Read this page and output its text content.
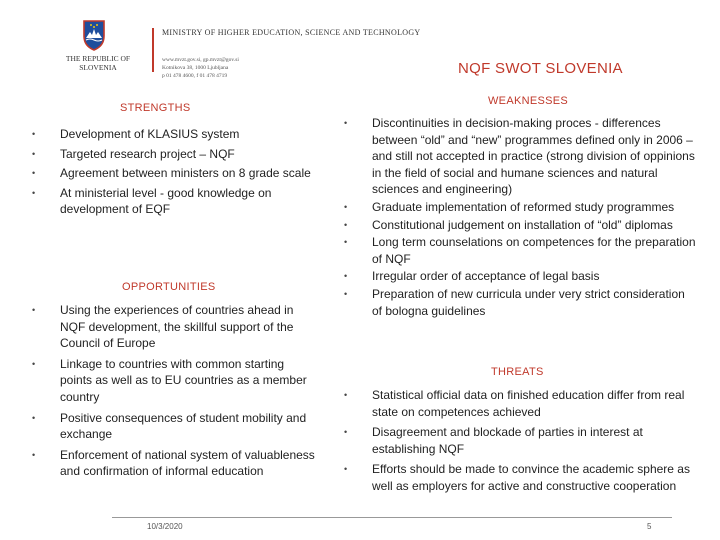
THE REPUBLIC OF SLOVENIA
MINISTRY OF HIGHER EDUCATION, SCIENCE AND TECHNOLOGY
www.mvzt.gov.si, gp.mvzt@gov.si
Kotnikova 38, 1000 Ljubljana
p 01 478 4600, f 01 478 4719	NQF SWOT SLOVENIA
STRENGTHS
• Development of KLASIUS system
• Targeted research project – NQF
• Agreement between ministers on 8 grade scale
• At ministerial level - good knowledge on development of EQF
OPPORTUNITIES
• Using the experiences of countries ahead in NQF development, the skillful support of the Council of Europe
• Linkage to countries with common starting points as well as to EU countries as a member country
• Positive consequences of student mobility and exchange
• Enforcement of national system of valuableness and confirmation of informal education
WEAKNESSES
• Discontinuities in decision-making proces - differences between “old” and “new” programmes defined only in 2006 – and still not accepted in practice (strong division of oppinions in the field of social and humane sciences and natural sciences and engineering)
• Graduate implementation of reformed study programmes
• Constitutional judgement on installation of “old” diplomas
• Long term counselations on competences for the preparation of NQF
• Irregular order of acceptance of legal basis
• Preparation of new curricula under very strict consideration of bologna guidelines
THREATS
• Statistical official data on finished education differ from real state on competences achieved
• Disagreement and blockade of parties in interest at establishing NQF
• Efforts should be made to convince the academic sphere as well as employers for active and constructive cooperation
10/3/2020	5
